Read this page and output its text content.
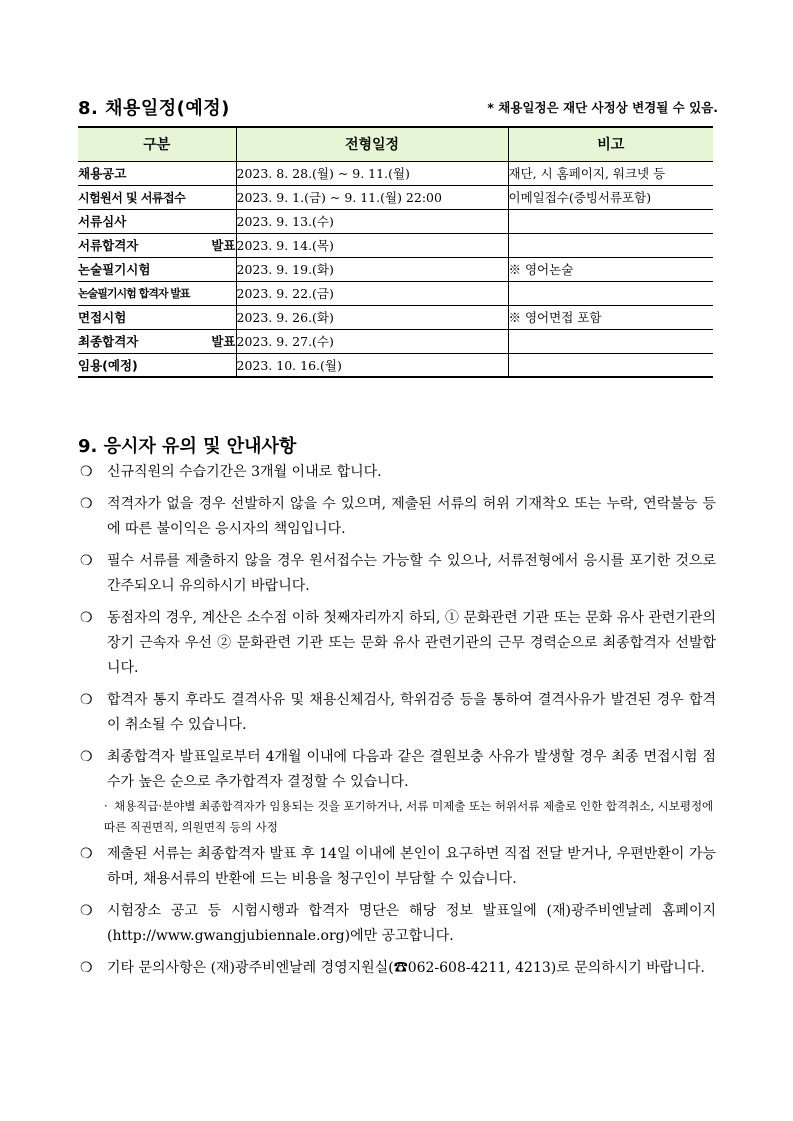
8. 채용일정(예정)	* 채용일정은 재단 사정상 변경될 수 있음.
구분	전형일정	비고
채용공고	2023. 8. 28.(월) ~ 9. 11.(월)	재단, 시 홈페이지, 워크넷 등
시험원서 및 서류접수	2023. 9. 1.(금) ~ 9. 11.(월) 22:00	이메일접수(증빙서류포함)
서류심사	2023. 9. 13.(수)	
서류합격자 발표	2023. 9. 14.(목)	
논술필기시험	2023. 9. 19.(화)	※ 영어논술
논술필기시험 합격자 발표	2023. 9. 22.(금)	
면접시험	2023. 9. 26.(화)	※ 영어면접 포함
최종합격자 발표	2023. 9. 27.(수)	
임용(예정)	2023. 10. 16.(월)	
9. 응시자 유의 및 안내사항
❍ 신규직원의 수습기간은 3개월 이내로 합니다.
❍ 적격자가 없을 경우 선발하지 않을 수 있으며, 제출된 서류의 허위 기재착오 또는 누락, 연락불능 등에 따른 불이익은 응시자의 책임입니다.
❍ 필수 서류를 제출하지 않을 경우 원서접수는 가능할 수 있으나, 서류전형에서 응시를 포기한 것으로 간주되오니 유의하시기 바랍니다.
❍ 동점자의 경우, 계산은 소수점 이하 첫째자리까지 하되, ① 문화관련 기관 또는 문화 유사 관련기관의 장기 근속자 우선 ② 문화관련 기관 또는 문화 유사 관련기관의 근무 경력순으로 최종합격자 선발합니다.
❍ 합격자 통지 후라도 결격사유 및 채용신체검사, 학위검증 등을 통하여 결격사유가 발견된 경우 합격이 취소될 수 있습니다.
❍ 최종합격자 발표일로부터 4개월 이내에 다음과 같은 결원보충 사유가 발생할 경우 최종 면접시험 점수가 높은 순으로 추가합격자 결정할 수 있습니다.
· 채용직급·분야별 최종합격자가 임용되는 것을 포기하거나, 서류 미제출 또는 허위서류 제출로 인한 합격취소, 시보평정에 따른 직권면직, 의원면직 등의 사정
❍ 제출된 서류는 최종합격자 발표 후 14일 이내에 본인이 요구하면 직접 전달 받거나, 우편반환이 가능하며, 채용서류의 반환에 드는 비용을 청구인이 부담할 수 있습니다.
❍ 시험장소 공고 등 시험시행과 합격자 명단은 해당 정보 발표일에 (재)광주비엔날레 홈페이지(http://www.gwangjubiennale.org)에만 공고합니다.
❍ 기타 문의사항은 (재)광주비엔날레 경영지원실(☎062-608-4211, 4213)로 문의하시기 바랍니다.
